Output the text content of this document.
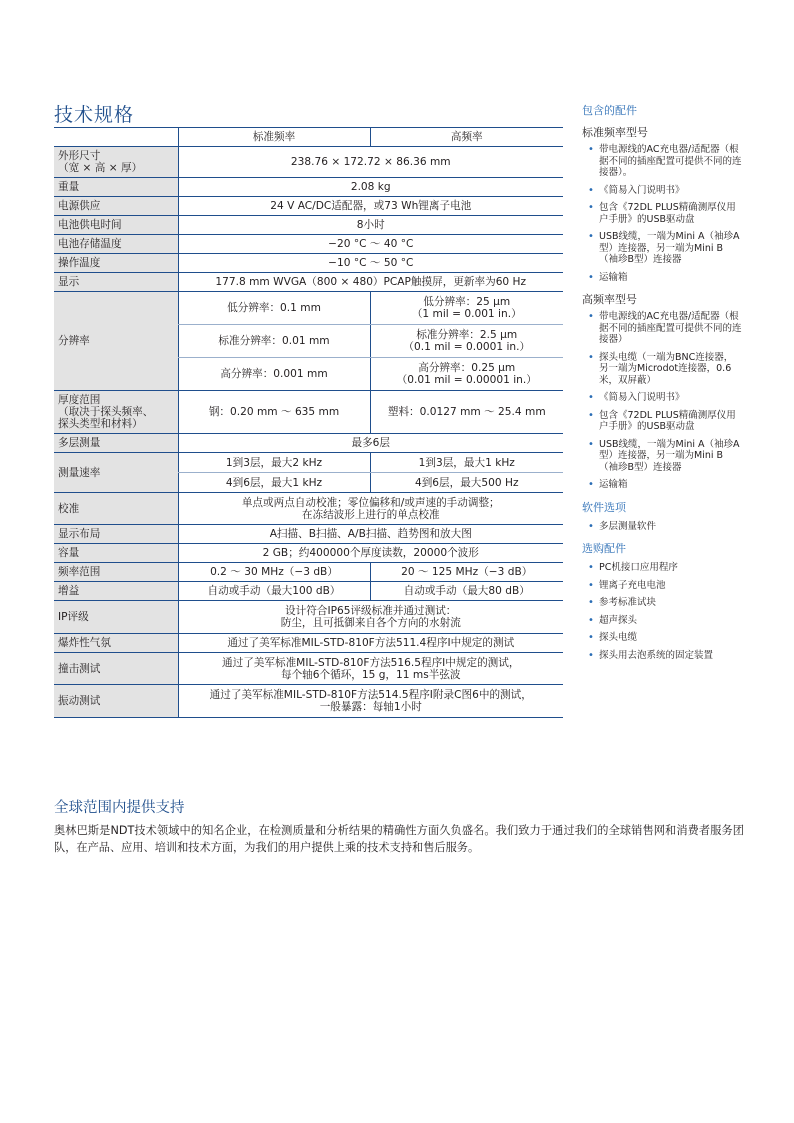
技术规格
	标准频率	高频率
外形尺寸
（宽 × 高 × 厚）	238.76 × 172.72 × 86.36 mm	
重量	2.08 kg	
电源供应	24 V AC/DC适配器，或73 Wh锂离子电池	
电池供电时间	8小时	
电池存储温度	−20 °C ～ 40 °C	
操作温度	−10 °C ～ 50 °C	
显示	177.8 mm WVGA（800 × 480）PCAP触摸屏，更新率为60 Hz	
分辨率	低分辨率：0.1 mm	低分辨率：25 μm
（1 mil = 0.001 in.）
	标准分辨率：0.01 mm	标准分辨率：2.5 μm
（0.1 mil = 0.0001 in.）
	高分辨率：0.001 mm	高分辨率：0.25 μm
（0.01 mil = 0.00001 in.）
厚度范围
（取决于探头频率、
探头类型和材料）	钢：0.20 mm ～ 635 mm	塑料：0.0127 mm ～ 25.4 mm
多层测量	最多6层	
测量速率	1到3层，最大2 kHz	1到3层，最大1 kHz
	4到6层，最大1 kHz	4到6层，最大500 Hz
校准	单点或两点自动校准；零位偏移和/或声速的手动调整；
在冻结波形上进行的单点校准	
显示布局	A扫描、B扫描、A/B扫描、趋势图和放大图	
容量	2 GB；约400000个厚度读数，20000个波形	
频率范围	0.2 ～ 30 MHz（−3 dB）	20 ～ 125 MHz（−3 dB）
增益	自动或手动（最大100 dB）	自动或手动（最大80 dB）
IP评级	设计符合IP65评级标准并通过测试：
防尘，且可抵御来自各个方向的水射流	
爆炸性气氛	通过了美军标准MIL-STD-810F方法511.4程序I中规定的测试	
撞击测试	通过了美军标准MIL-STD-810F方法516.5程序I中规定的测试，
每个轴6个循环，15 g，11 ms半弦波	
振动测试	通过了美军标准MIL-STD-810F方法514.5程序I附录C图6中的测试，
一般暴露：每轴1小时	
包含的配件
标准频率型号
• 带电源线的AC充电器/适配器（根据不同的插座配置可提供不同的连接器）。
• 《简易入门说明书》
• 包含《72DL PLUS精确测厚仪用户手册》的USB驱动盘
• USB线缆，一端为Mini A（袖珍A型）连接器，另一端为Mini B（袖珍B型）连接器
• 运输箱
高频率型号
• 带电源线的AC充电器/适配器（根据不同的插座配置可提供不同的连接器）
• 探头电缆（一端为BNC连接器，另一端为Microdot连接器，0.6米，双屏蔽）
• 《简易入门说明书》
• 包含《72DL PLUS精确测厚仪用户手册》的USB驱动盘
• USB线缆，一端为Mini A（袖珍A型）连接器，另一端为Mini B（袖珍B型）连接器
• 运输箱
软件选项
• 多层测量软件
选购配件
• PC机接口应用程序
• 锂离子充电电池
• 参考标准试块
• 超声探头
• 探头电缆
• 探头用去泡系统的固定装置
全球范围内提供支持
奥林巴斯是NDT技术领域中的知名企业，在检测质量和分析结果的精确性方面久负盛名。我们致力于通过我们的全球销售网和消费者服务团队，在产品、应用、培训和技术方面，为我们的用户提供上乘的技术支持和售后服务。
